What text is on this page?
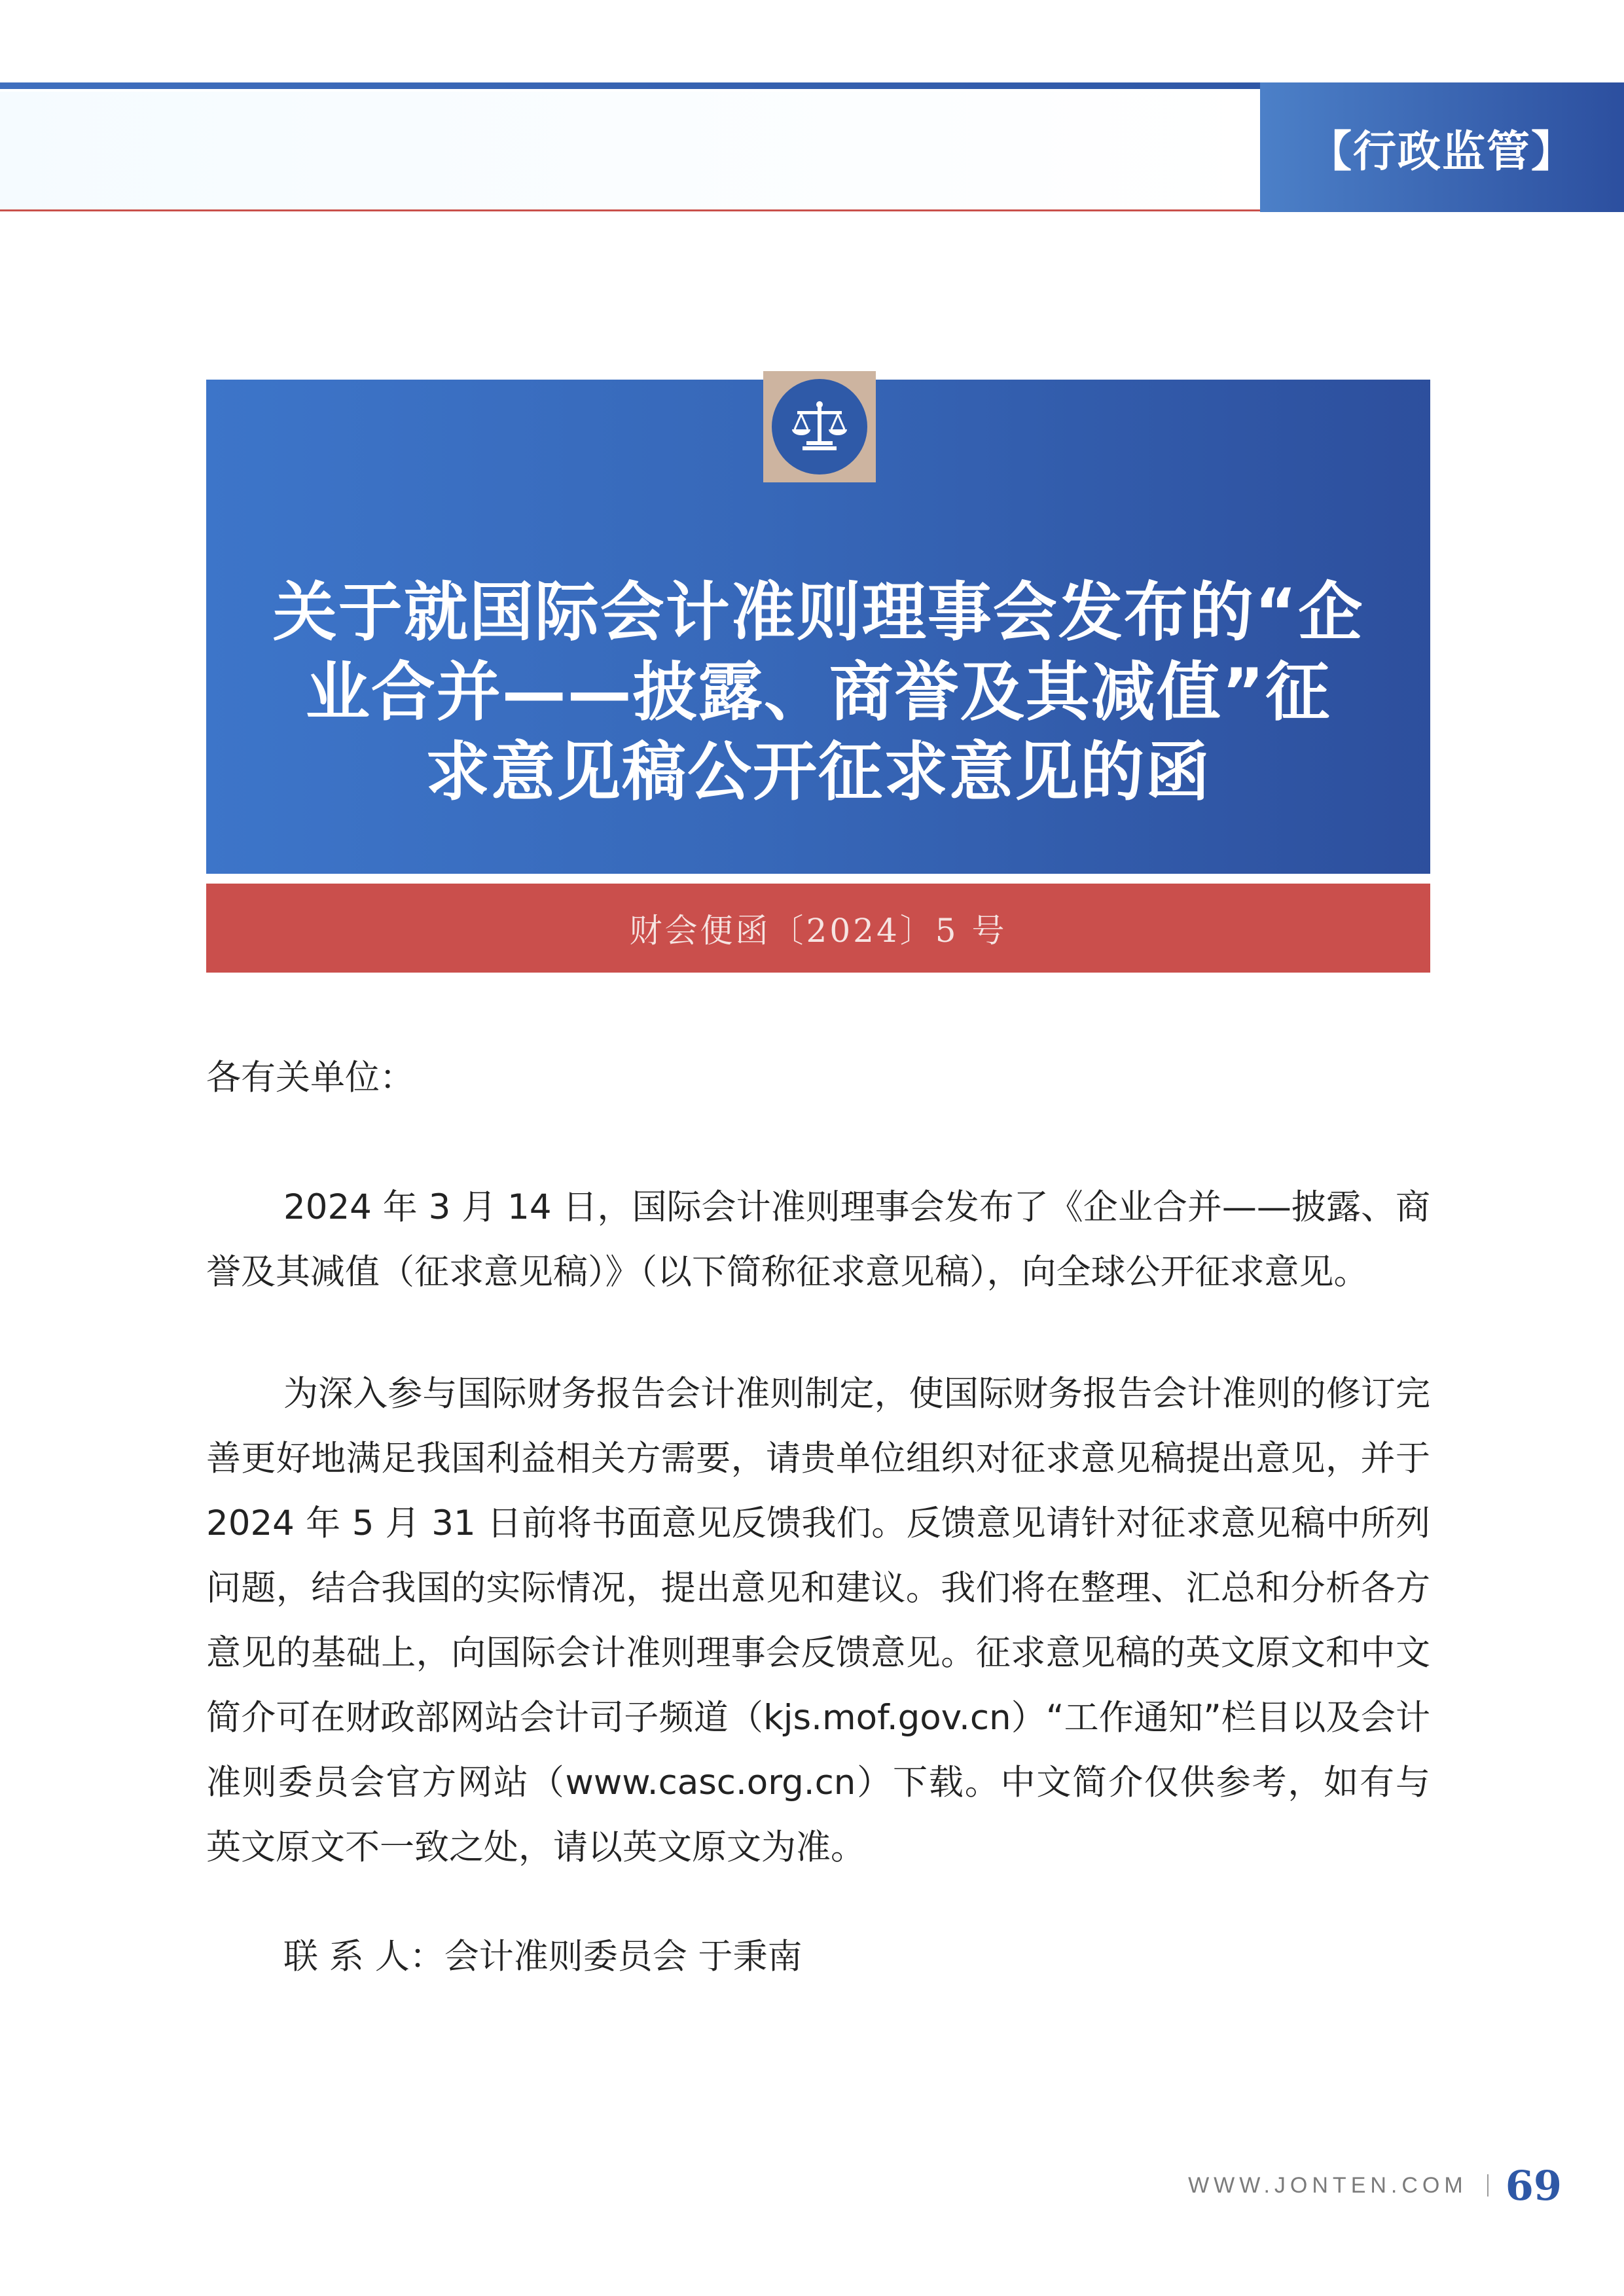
【行政监管】
关于就国际会计准则理事会发布的“企
业合并——披露、商誉及其减值”征
求意见稿公开征求意见的函
财会便函〔2024〕5 号

各有关单位：

2024 年 3 月 14 日，国际会计准则理事会发布了《企业合并——披露、商誉及其减值（征求意见稿）》（以下简称征求意见稿），向全球公开征求意见。

为深入参与国际财务报告会计准则制定，使国际财务报告会计准则的修订完善更好地满足我国利益相关方需要，请贵单位组织对征求意见稿提出意见，并于 2024 年 5 月 31 日前将书面意见反馈我们。反馈意见请针对征求意见稿中所列问题，结合我国的实际情况，提出意见和建议。我们将在整理、汇总和分析各方意见的基础上，向国际会计准则理事会反馈意见。征求意见稿的英文原文和中文简介可在财政部网站会计司子频道（kjs.mof.gov.cn）“工作通知”栏目以及会计准则委员会官方网站（www.casc.org.cn）下载。中文简介仅供参考，如有与英文原文不一致之处，请以英文原文为准。

联 系 人：会计准则委员会 于秉南

WWW.JONTEN.COM 69
